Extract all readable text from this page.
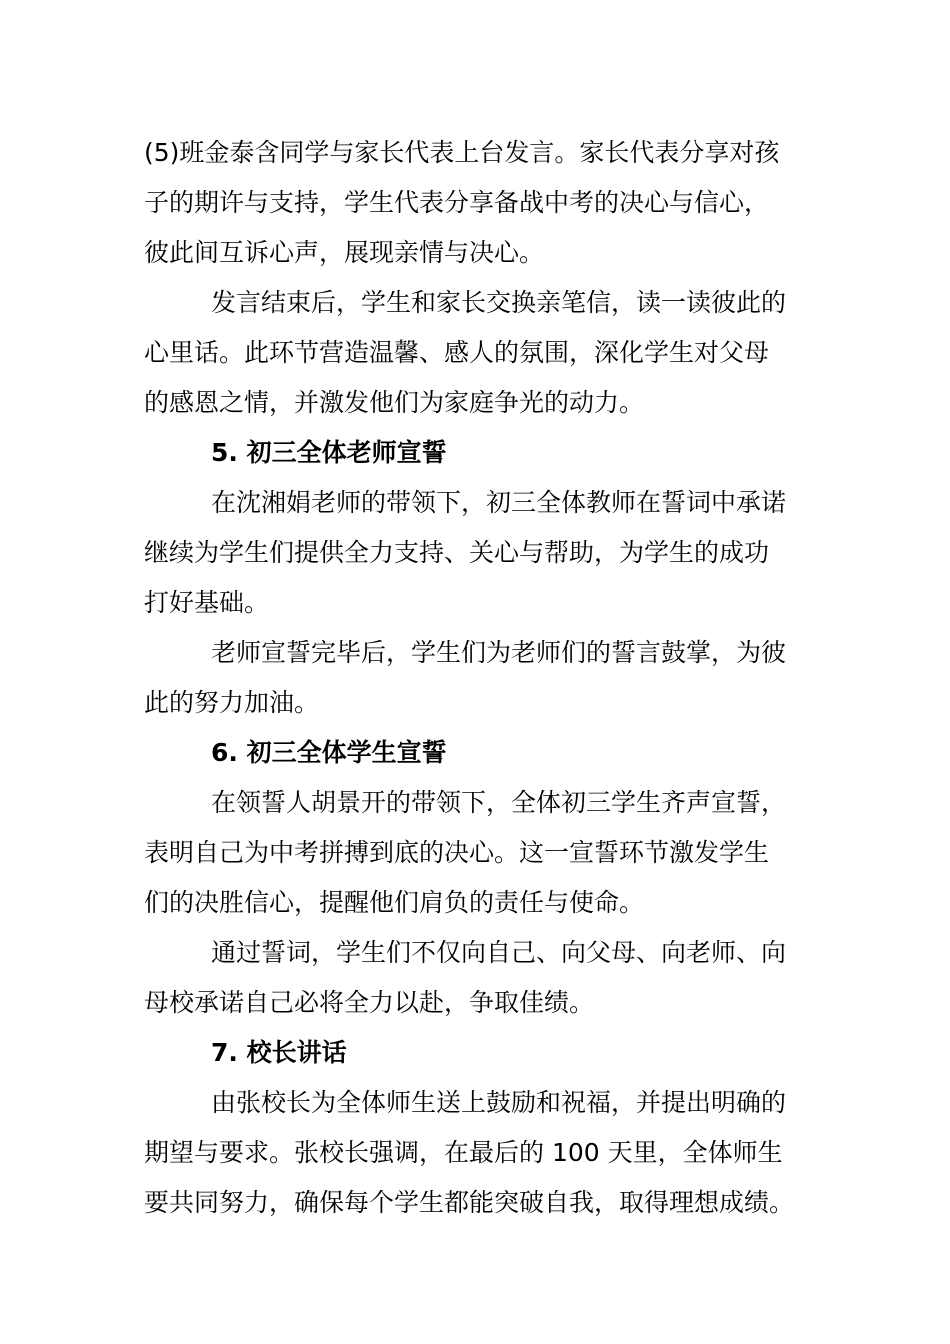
(5)班金泰含同学与家长代表上台发言。家长代表分享对孩
子的期许与支持，学生代表分享备战中考的决心与信心，
彼此间互诉心声，展现亲情与决心。
发言结束后，学生和家长交换亲笔信，读一读彼此的
心里话。此环节营造温馨、感人的氛围，深化学生对父母
的感恩之情，并激发他们为家庭争光的动力。
5. 初三全体老师宣誓
在沈湘娟老师的带领下，初三全体教师在誓词中承诺
继续为学生们提供全力支持、关心与帮助，为学生的成功
打好基础。
老师宣誓完毕后，学生们为老师们的誓言鼓掌，为彼
此的努力加油。
6. 初三全体学生宣誓
在领誓人胡景开的带领下，全体初三学生齐声宣誓，
表明自己为中考拼搏到底的决心。这一宣誓环节激发学生
们的决胜信心，提醒他们肩负的责任与使命。
通过誓词，学生们不仅向自己、向父母、向老师、向
母校承诺自己必将全力以赴，争取佳绩。
7. 校长讲话
由张校长为全体师生送上鼓励和祝福，并提出明确的
期望与要求。张校长强调，在最后的 100 天里，全体师生
要共同努力，确保每个学生都能突破自我，取得理想成绩。
